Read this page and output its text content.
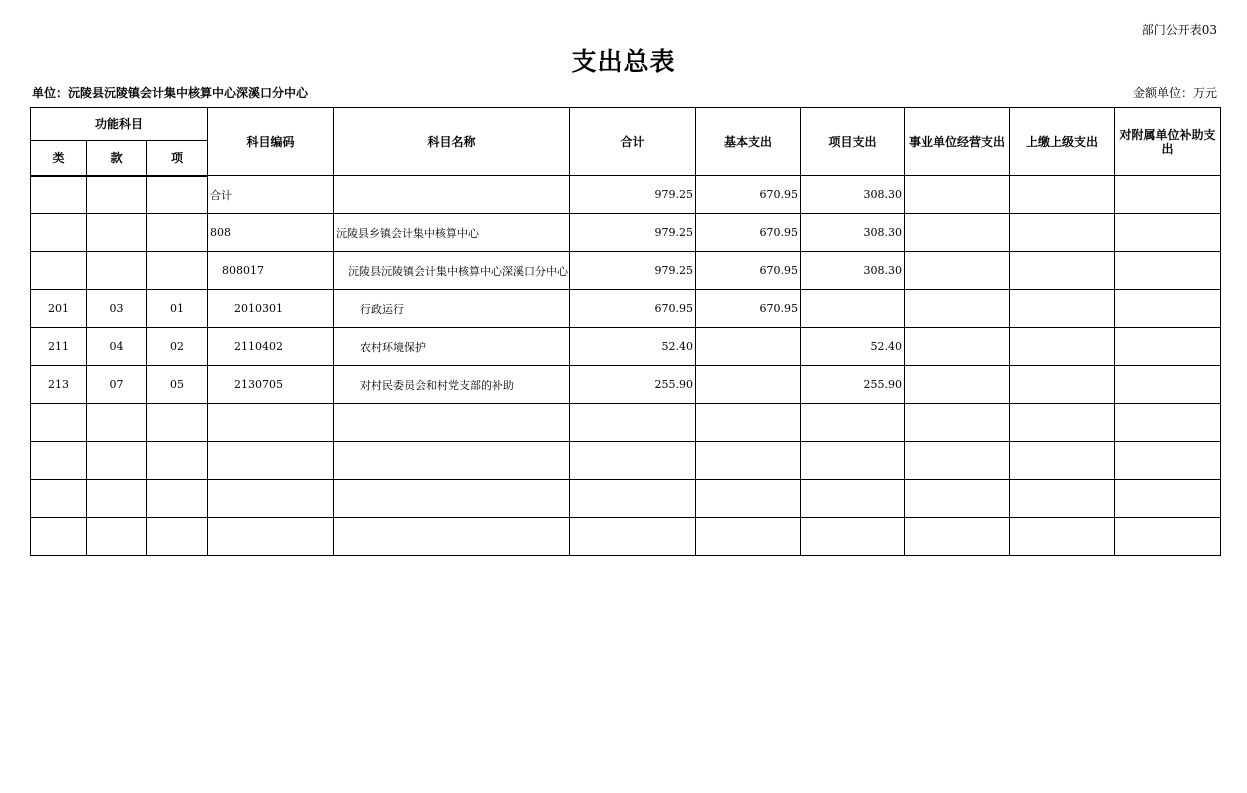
部门公开表03
支出总表
单位：沅陵县沅陵镇会计集中核算中心深溪口分中心	金额单位：万元
功能科目			科目编码	科目名称	合计	基本支出	项目支出	事业单位经营支出	上缴上级支出	对附属单位补助支出
类	款	项								
			合计		979.25	670.95	308.30			
			808	沅陵县乡镇会计集中核算中心	979.25	670.95	308.30			
			808017	沅陵县沅陵镇会计集中核算中心深溪口分中心	979.25	670.95	308.30			
201	03	01	2010301	行政运行	670.95	670.95				
211	04	02	2110402	农村环境保护	52.40		52.40			
213	07	05	2130705	对村民委员会和村党支部的补助	255.90		255.90			
